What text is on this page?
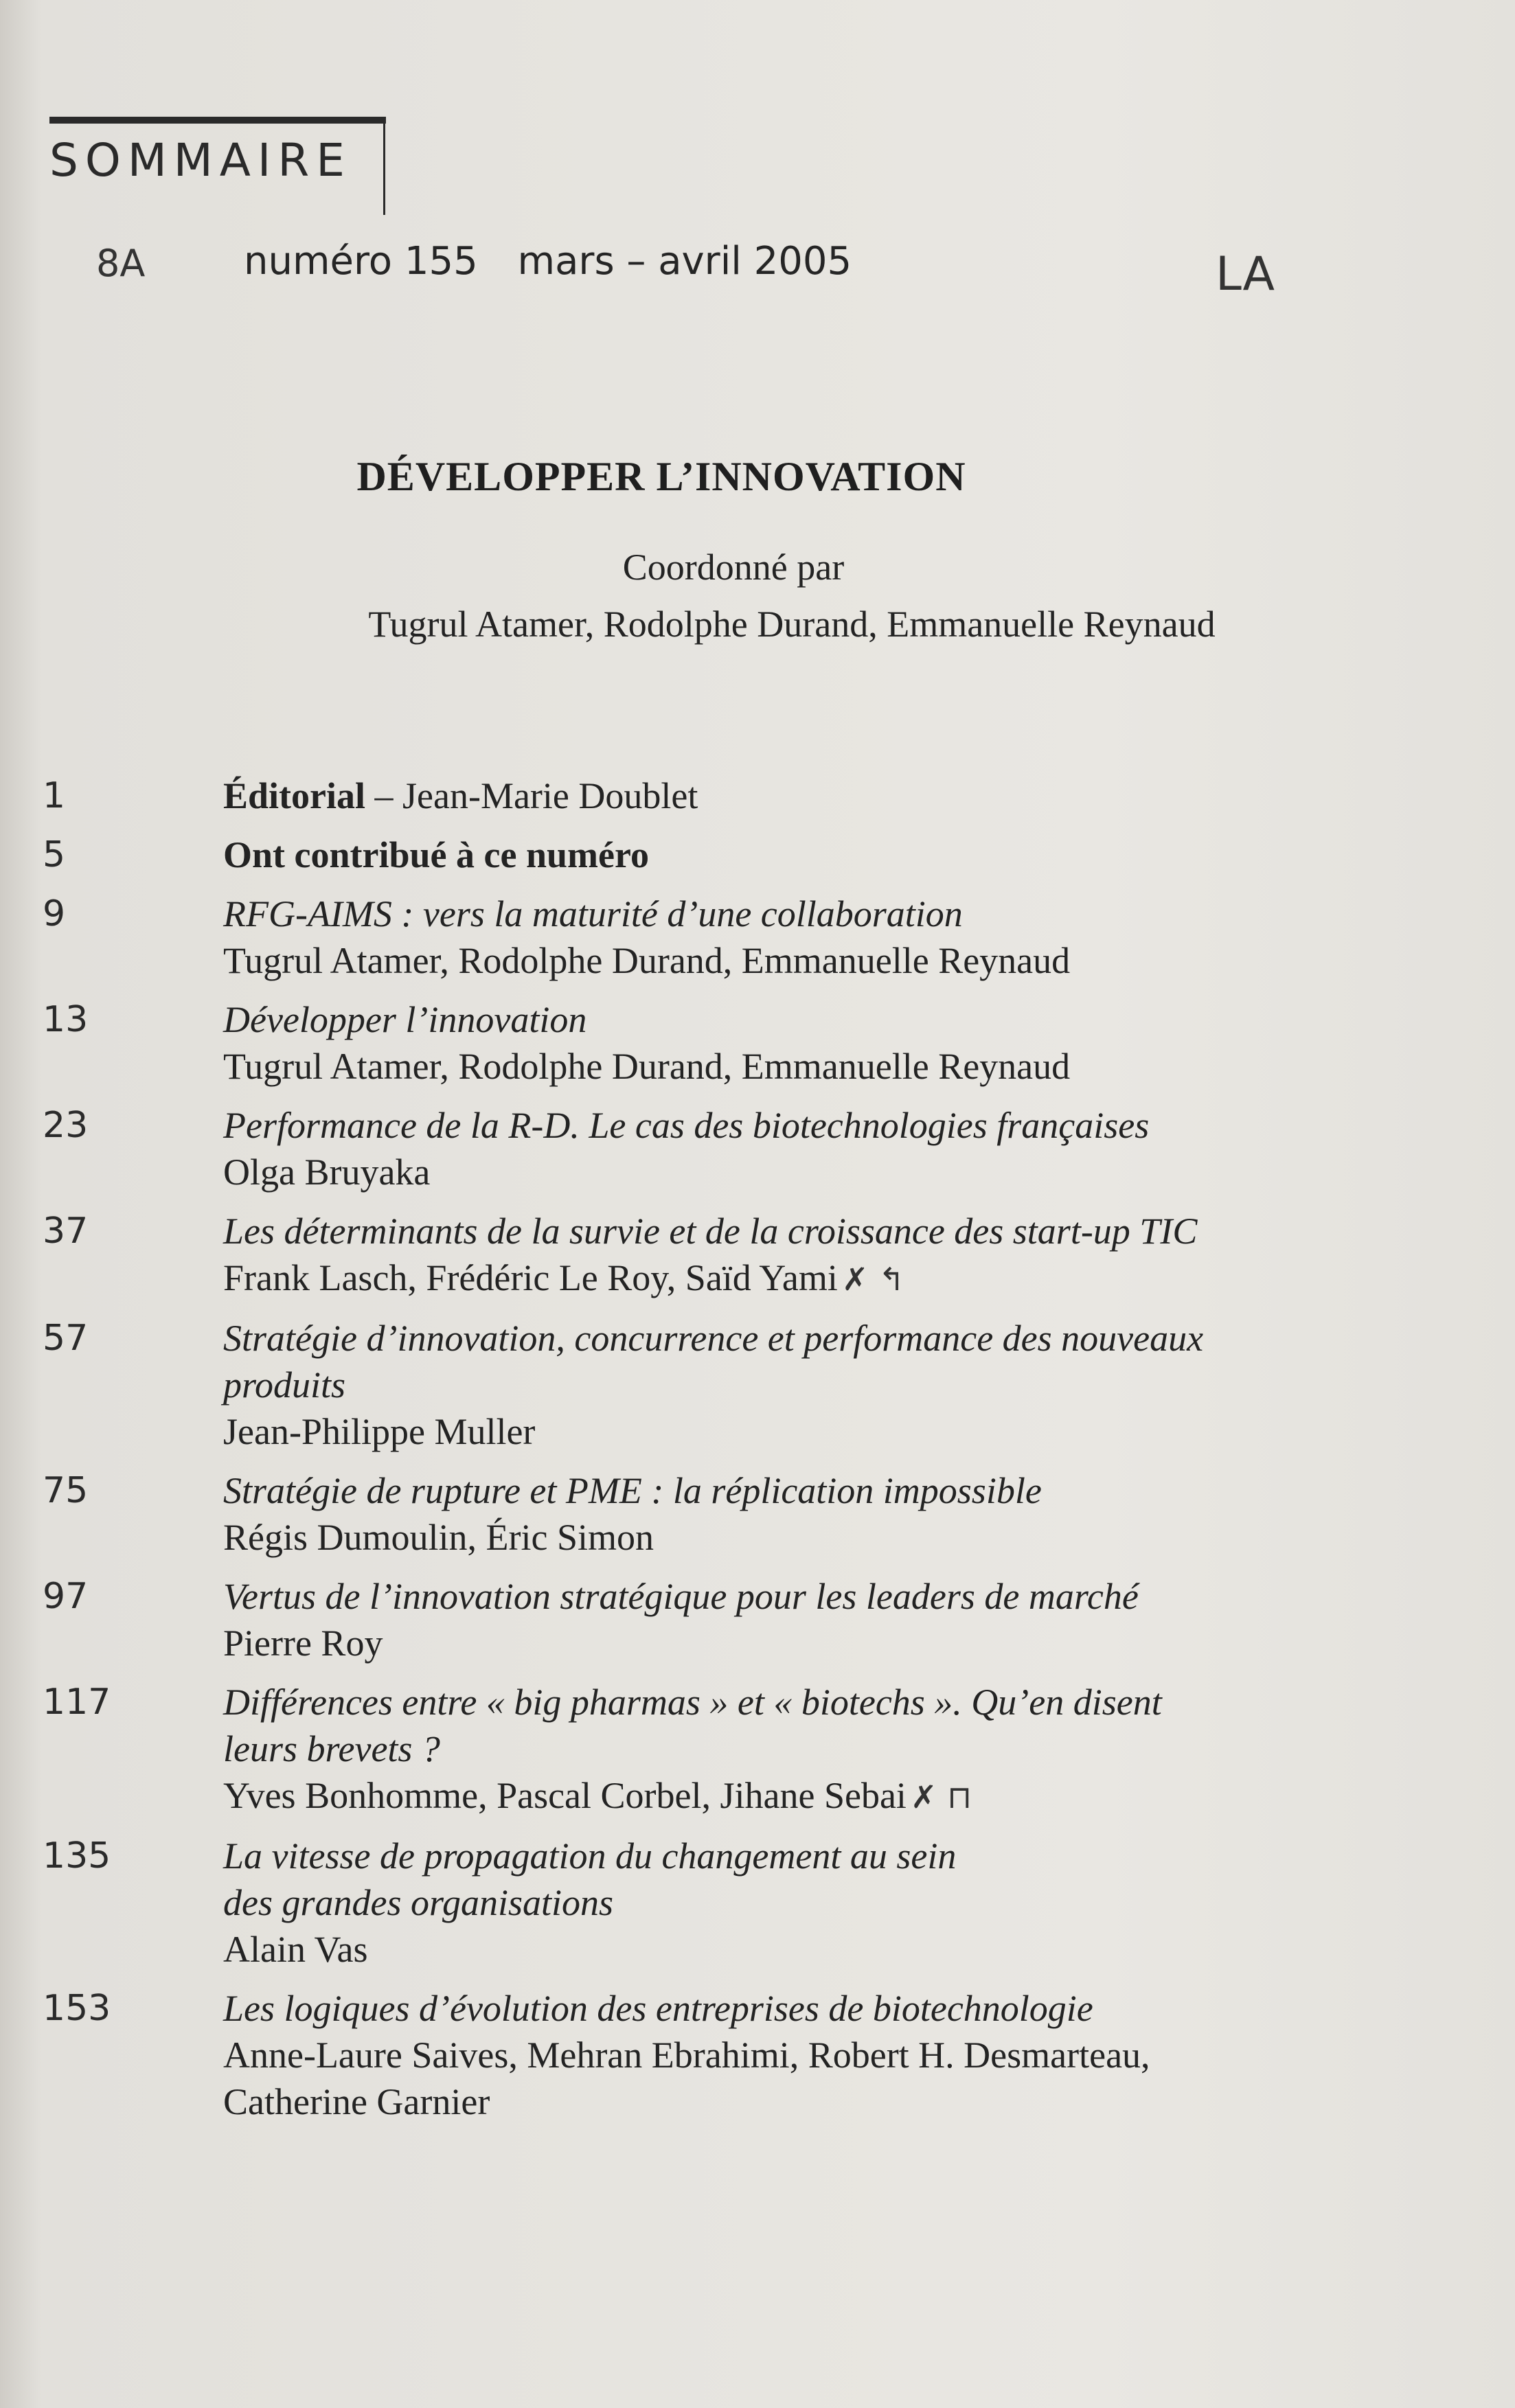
SOMMAIRE
8A	numéro 155 mars – avril 2005	LA
DÉVELOPPER L’INNOVATION
Coordonné par
Tugrul Atamer, Rodolphe Durand, Emmanuelle Reynaud
1	Éditorial – Jean-Marie Doublet
5	Ont contribué à ce numéro
9	RFG-AIMS : vers la maturité d’une collaboration
Tugrul Atamer, Rodolphe Durand, Emmanuelle Reynaud
13	Développer l’innovation
Tugrul Atamer, Rodolphe Durand, Emmanuelle Reynaud
23	Performance de la R-D. Le cas des biotechnologies françaises
Olga Bruyaka
37	Les déterminants de la survie et de la croissance des start-up TIC
Frank Lasch, Frédéric Le Roy, Saïd Yami ✗ ↰
57	Stratégie d’innovation, concurrence et performance des nouveaux
produits
Jean-Philippe Muller
75	Stratégie de rupture et PME : la réplication impossible
Régis Dumoulin, Éric Simon
97	Vertus de l’innovation stratégique pour les leaders de marché
Pierre Roy
117	Différences entre « big pharmas » et « biotechs ». Qu’en disent
leurs brevets ?
Yves Bonhomme, Pascal Corbel, Jihane Sebai ✗ ⊓
135	La vitesse de propagation du changement au sein
des grandes organisations
Alain Vas
153	Les logiques d’évolution des entreprises de biotechnologie
Anne-Laure Saives, Mehran Ebrahimi, Robert H. Desmarteau,
Catherine Garnier
